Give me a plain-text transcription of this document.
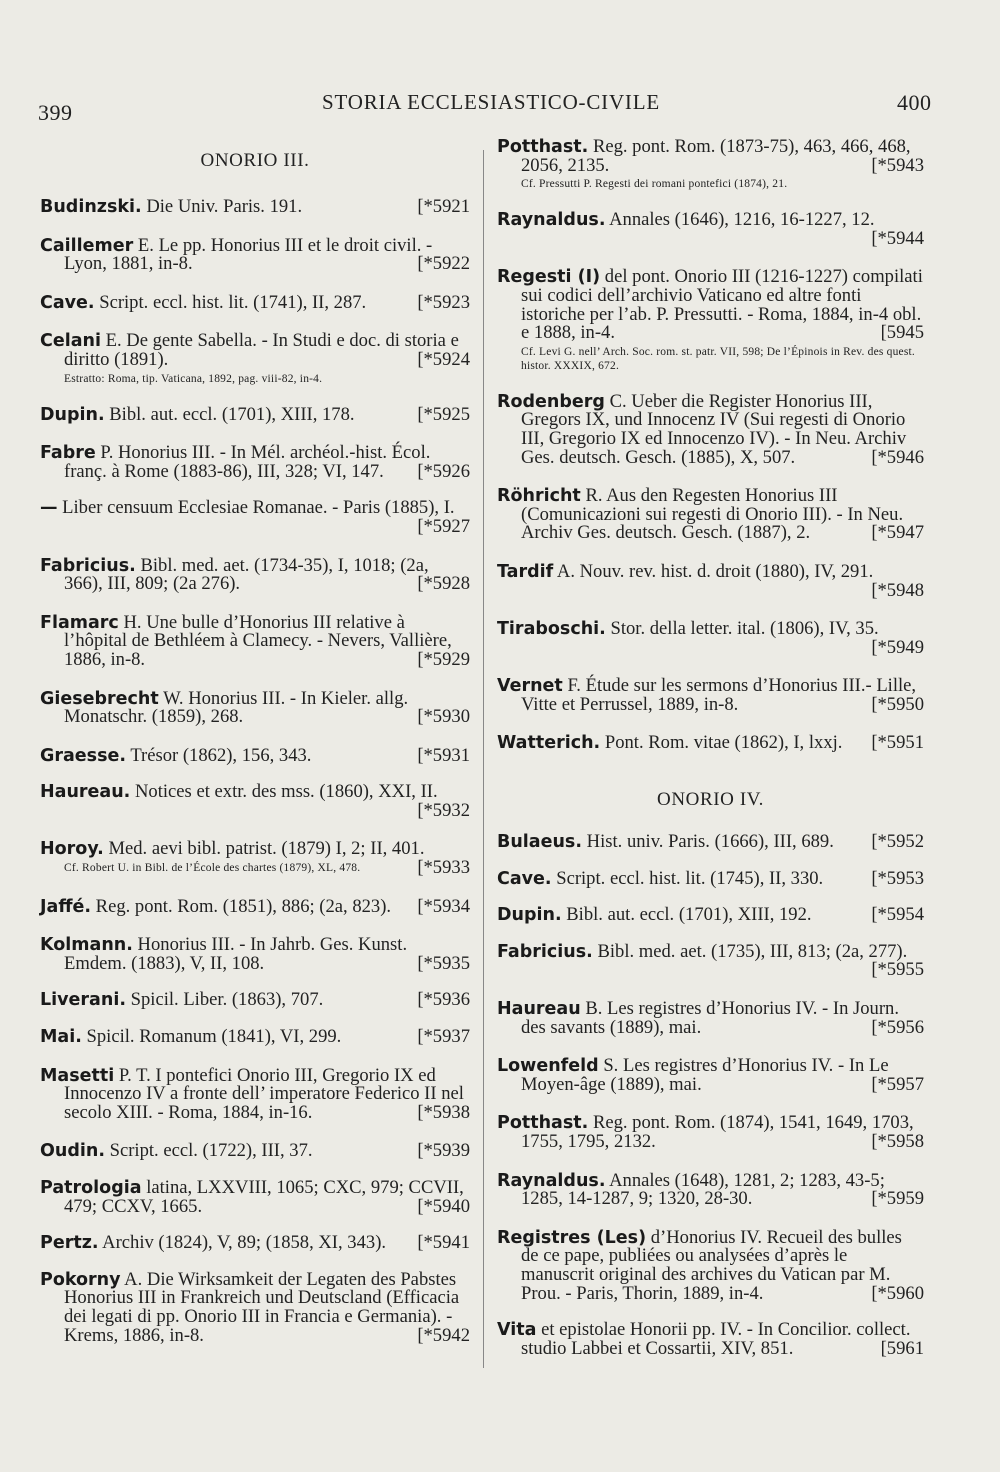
399	STORIA ECCLESIASTICO-CIVILE	400

ONORIO III.

Budinzski. Die Univ. Paris. 191.	[*5921

Caillemer E. Le pp. Honorius III et le droit civil. - Lyon, 1881, in-8.	[*5922

Cave. Script. eccl. hist. lit. (1741), II, 287.	[*5923

Celani E. De gente Sabella. - In Studi e doc. di storia e diritto (1891).	[*5924
Estratto: Roma, tip. Vaticana, 1892, pag. viii-82, in-4.

Dupin. Bibl. aut. eccl. (1701), XIII, 178.	[*5925

Fabre P. Honorius III. - In Mél. archéol.-hist. Écol. franç. à Rome (1883-86), III, 328; VI, 147. [*5926

— Liber censuum Ecclesiae Romanae. - Paris (1885), I.
[*5927

Fabricius. Bibl. med. aet. (1734-35), I, 1018; (2a, 366), III, 809; (2a 276).	[*5928

Flamarc H. Une bulle d’Honorius III relative à l’hôpital de Bethléem à Clamecy. - Nevers, Vallière, 1886, in-8.	[*5929

Giesebrecht W. Honorius III. - In Kieler. allg. Monatschr. (1859), 268.	[*5930

Graesse. Trésor (1862), 156, 343.	[*5931

Haureau. Notices et extr. des mss. (1860), XXI, II.
[*5932

Horoy. Med. aevi bibl. patrist. (1879) I, 2; II, 401.
[*5933
Cf. Robert U. in Bibl. de l’École des chartes (1879), XL, 478.

Jaffé. Reg. pont. Rom. (1851), 886; (2a, 823). [*5934

Kolmann. Honorius III. - In Jahrb. Ges. Kunst. Emdem. (1883), V, II, 108.	[*5935

Liverani. Spicil. Liber. (1863), 707.	[*5936

Mai. Spicil. Romanum (1841), VI, 299.	[*5937

Masetti P. T. I pontefici Onorio III, Gregorio IX ed Innocenzo IV a fronte dell’ imperatore Federico II nel secolo XIII. - Roma, 1884, in-16.	[*5938

Oudin. Script. eccl. (1722), III, 37.	[*5939

Patrologia latina, LXXVIII, 1065; CXC, 979; CCVII, 479; CCXV, 1665.	[*5940

Pertz. Archiv (1824), V, 89; (1858, XI, 343). [*5941

Pokorny A. Die Wirksamkeit der Legaten des Pabstes Honorius III in Frankreich und Deutscland (Efficacia dei legati di pp. Onorio III in Francia e Germania). - Krems, 1886, in-8.	[*5942

Potthast. Reg. pont. Rom. (1873-75), 463, 466, 468, 2056, 2135.	[*5943
Cf. Pressutti P. Regesti dei romani pontefici (1874), 21.

Raynaldus. Annales (1646), 1216, 16-1227, 12.
[*5944

Regesti (I) del pont. Onorio III (1216-1227) compilati sui codici dell’archivio Vaticano ed altre fonti istoriche per l’ab. P. Pressutti. - Roma, 1884, in-4 obl. e 1888, in-4.	[5945
Cf. Levi G. nell’ Arch. Soc. rom. st. patr. VII, 598; De l’Épinois in Rev. des quest. histor. XXXIX, 672.

Rodenberg C. Ueber die Register Honorius III, Gregors IX, und Innocenz IV (Sui regesti di Onorio III, Gregorio IX ed Innocenzo IV). - In Neu. Archiv Ges. deutsch. Gesch. (1885), X, 507.	[*5946

Röhricht R. Aus den Regesten Honorius III (Comunicazioni sui regesti di Onorio III). - In Neu. Archiv Ges. deutsch. Gesch. (1887), 2.	[*5947

Tardif A. Nouv. rev. hist. d. droit (1880), IV, 291.
[*5948

Tiraboschi. Stor. della letter. ital. (1806), IV, 35.
[*5949

Vernet F. Étude sur les sermons d’Honorius III.- Lille, Vitte et Perrussel, 1889, in-8.	[*5950

Watterich. Pont. Rom. vitae (1862), I, lxxj. [*5951

ONORIO IV.

Bulaeus. Hist. univ. Paris. (1666), III, 689. [*5952

Cave. Script. eccl. hist. lit. (1745), II, 330.	[*5953

Dupin. Bibl. aut. eccl. (1701), XIII, 192.	[*5954

Fabricius. Bibl. med. aet. (1735), III, 813; (2a, 277).
[*5955

Haureau B. Les registres d’Honorius IV. - In Journ. des savants (1889), mai.	[*5956

Lowenfeld S. Les registres d’Honorius IV. - In Le Moyen-âge (1889), mai.	[*5957

Potthast. Reg. pont. Rom. (1874), 1541, 1649, 1703, 1755, 1795, 2132.	[*5958

Raynaldus. Annales (1648), 1281, 2; 1283, 43-5; 1285, 14-1287, 9; 1320, 28-30.	[*5959

Registres (Les) d’Honorius IV. Recueil des bulles de ce pape, publiées ou analysées d’après le manuscrit original des archives du Vatican par M. Prou. - Paris, Thorin, 1889, in-4.	[*5960

Vita et epistolae Honorii pp. IV. - In Concilior. collect. studio Labbei et Cossartii, XIV, 851.	[5961
